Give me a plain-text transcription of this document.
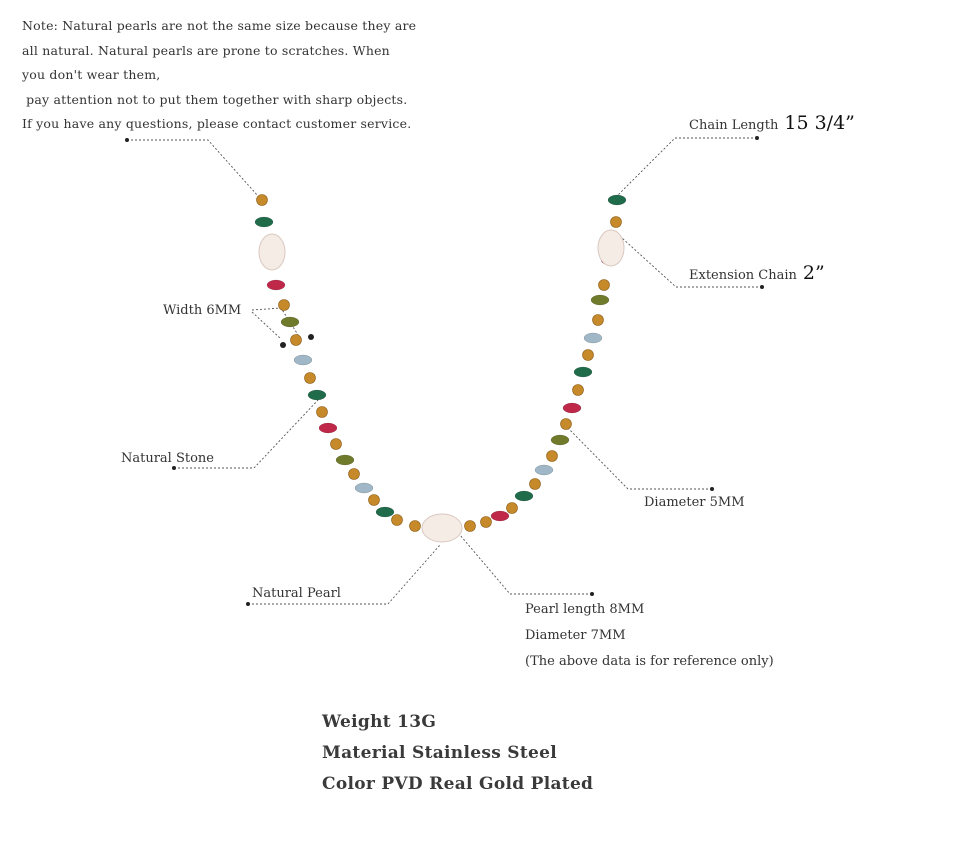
Note: Natural pearls are not the same size because they are
all natural. Natural pearls are prone to scratches. When
you don't wear them,
pay attention not to put them together with sharp objects.
If you have any questions, please contact customer service.	Chain Length 15 3/4”
Extension Chain 2”
Width 6MM
Natural Stone
Diameter 5MM
Natural Pearl
Pearl length 8MM
Diameter 7MM
(The above data is for reference only)
Weight 13G
Material Stainless Steel
Color PVD Real Gold Plated
